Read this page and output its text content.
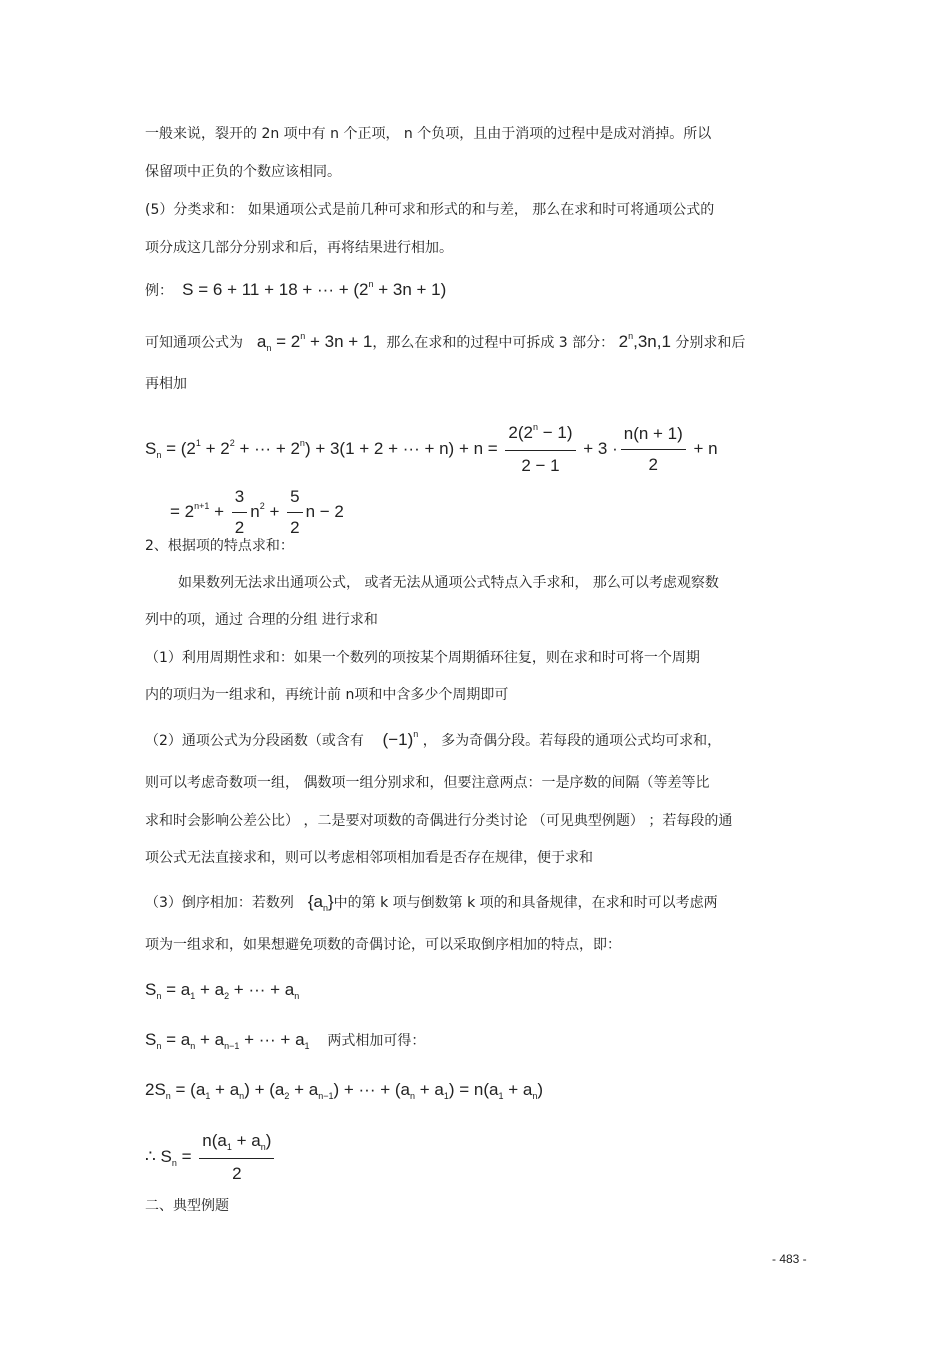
一般来说，裂开的 2n 项中有 n 个正项， n 个负项，且由于消项的过程中是成对消掉。所以
保留项中正负的个数应该相同。
(5）分类求和： 如果通项公式是前几种可求和形式的和与差， 那么在求和时可将通项公式的
项分成这几部分分别求和后，再将结果进行相加。
例：  S = 6 + 11 + 18 + ··· + $(2^n + 3n + 1)$
可知通项公式为   $a_n = 2^n + 3n + 1$，那么在求和的过程中可拆成 3 部分： 2$^n$,3n,1 分别求和后
再相加
$S_n = (2^1 + 2^2$ + ··· + $2^n) + 3(1 + 2$ + ··· + $n) + n = \frac{2(2^n - 1)}{2 - 1} + 3 \cdot \frac{n(n + 1)}{2} + n$
= $2^{n+1} + \frac{3}{2} n^2 + \frac{5}{2}$ n − 2
2、根据项的特点求和：
如果数列无法求出通项公式， 或者无法从通项公式特点入手求和， 那么可以考虑观察数
列中的项，通过 合理的分组 进行求和
（1）利用周期性求和：如果一个数列的项按某个周期循环往复，则在求和时可将一个周期
内的项归为一组求和，再统计前 n项和中含多少个周期即可
（2）通项公式为分段函数（或含有    $(-1)^n$ ， 多为奇偶分段。若每段的通项公式均可求和，
则可以考虑奇数项一组， 偶数项一组分别求和，但要注意两点：一是序数的间隔（等差等比
求和时会影响公差公比） ，二是要对项数的奇偶进行分类讨论 （可见典型例题） ；若每段的通
项公式无法直接求和，则可以考虑相邻项相加看是否存在规律，便于求和
（3）倒序相加：若数列   $\{a_n\}$中的第 k 项与倒数第 k 项的和具备规律，在求和时可以考虑两
项为一组求和，如果想避免项数的奇偶讨论，可以采取倒序相加的特点，即：
$S_n = a_1 + a_2$ + ··· + $a_n$
$S_n = a_n + a_{n-1}$ + ··· + $a_1$ 两式相加可得：
$2S_n = (a_1 + a_n) + (a_2 + a_{n-1})$ + ··· + $(a_n + a_1) = n(a_1 + a_n)$
∴ $S_n = \frac{n(a_1 + a_n)}{2}$
二、典型例题
- 483 -
